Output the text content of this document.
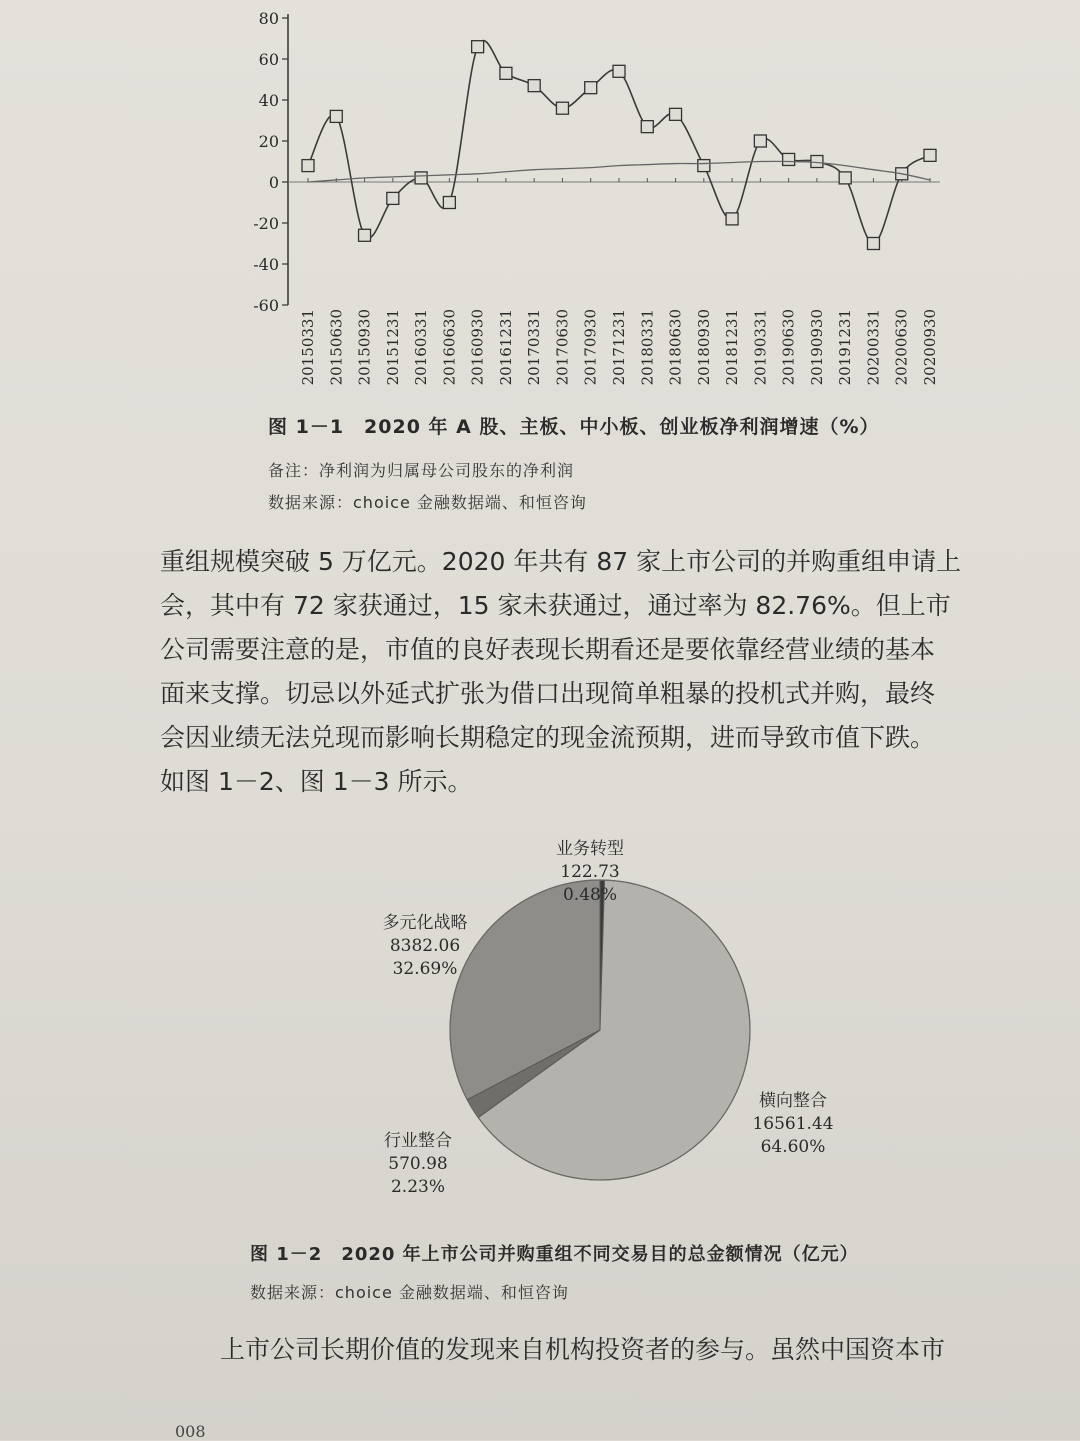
80
60
40
20
0
-20
-40
-60
20150331 20150630 20150930 20151231 20160331 20160630 20160930 20161231 20170331 20170630 20170930 20171231 20180331 20180630 20180930 20181231 20190331 20190630 20190930 20191231 20200331 20200630 20200930
图 1－1　2020 年 A 股、主板、中小板、创业板净利润增速（%）
备注：净利润为归属母公司股东的净利润
数据来源：choice 金融数据端、和恒咨询
重组规模突破 5 万亿元。2020 年共有 87 家上市公司的并购重组申请上
会，其中有 72 家获通过，15 家未获通过，通过率为 82.76%。但上市
公司需要注意的是，市值的良好表现长期看还是要依靠经营业绩的基本
面来支撑。切忌以外延式扩张为借口出现简单粗暴的投机式并购，最终
会因业绩无法兑现而影响长期稳定的现金流预期，进而导致市值下跌。
如图 1－2、图 1－3 所示。
业务转型
122.73
0.48%
多元化战略
8382.06
32.69%
横向整合
16561.44
64.60%
行业整合
570.98
2.23%
图 1－2　2020 年上市公司并购重组不同交易目的总金额情况（亿元）
数据来源：choice 金融数据端、和恒咨询
上市公司长期价值的发现来自机构投资者的参与。虽然中国资本市
008
